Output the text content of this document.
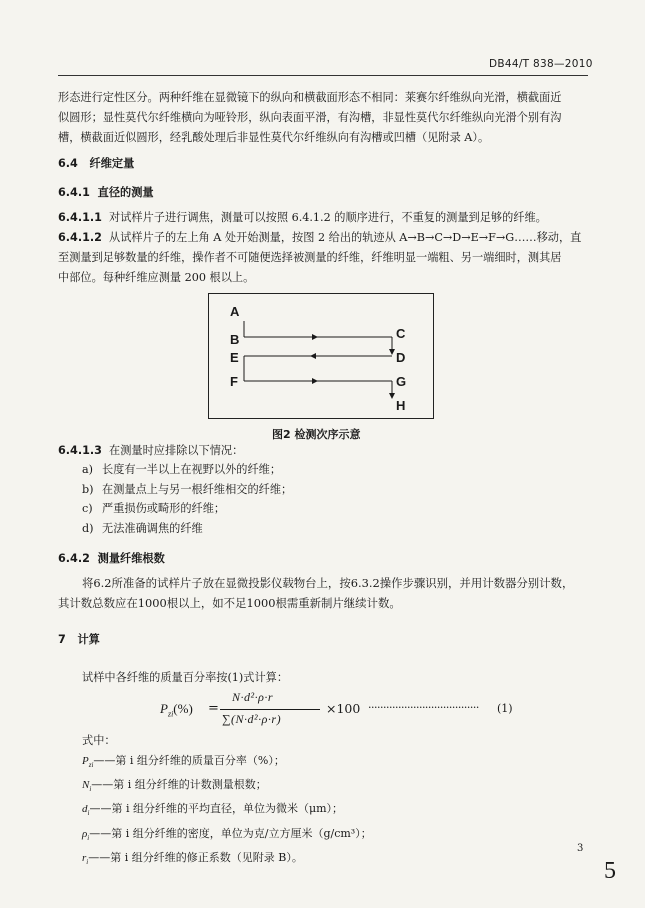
DB44/T 838—2010
形态进行定性区分。两种纤维在显微镜下的纵向和横截面形态不相同：莱赛尔纤维纵向光滑，横截面近
似圆形；显性莫代尔纤维横向为哑铃形，纵向表面平滑，有沟槽，非显性莫代尔纤维纵向光滑个别有沟
槽，横截面近似圆形，经乳酸处理后非显性莫代尔纤维纵向有沟槽或凹槽（见附录 A）。
6.4 纤维定量
6.4.1 直径的测量
6.4.1.1 对试样片子进行调焦，测量可以按照 6.4.1.2 的顺序进行，不重复的测量到足够的纤维。
6.4.1.2 从试样片子的左上角 A 处开始测量，按图 2 给出的轨迹从 A→B→C→D→E→F→G……移动，直
至测量到足够数量的纤维，操作者不可随便选择被测量的纤维，纤维明显一端粗、另一端细时，测其居
中部位。每种纤维应测量 200 根以上。
A
B	C
D
E
F	G
H
图2 检测次序示意
6.4.1.3 在测量时应排除以下情况：
a) 长度有一半以上在视野以外的纤维；
b) 在测量点上与另一根纤维相交的纤维；
c) 严重损伤或畸形的纤维；
d) 无法准确调焦的纤维
6.4.2 测量纤维根数
将6.2所准备的试样片子放在显微投影仪载物台上，按6.3.2操作步骤识别，并用计数器分别计数，
其计数总数应在1000根以上，如不足1000根需重新制片继续计数。
7 计算
试样中各纤维的质量百分率按(1)式计算：
$P_{zi}(\%)$ =
N·d²·ρ·r
∑(N·d²·ρ·r)
×100 ····································· (1)
式中：
$P_{zi}——$第 i 组分纤维的质量百分率（%）；
$N_i——$第 i 组分纤维的计数测量根数；
$d_i——$第 i 组分纤维的平均直径，单位为微米（μm）；
$\rho_i——$第 i 组分纤维的密度，单位为克/立方厘米（g/cm³）；
$r_i——$第 i 组分纤维的修正系数（见附录 B）。
3
5
